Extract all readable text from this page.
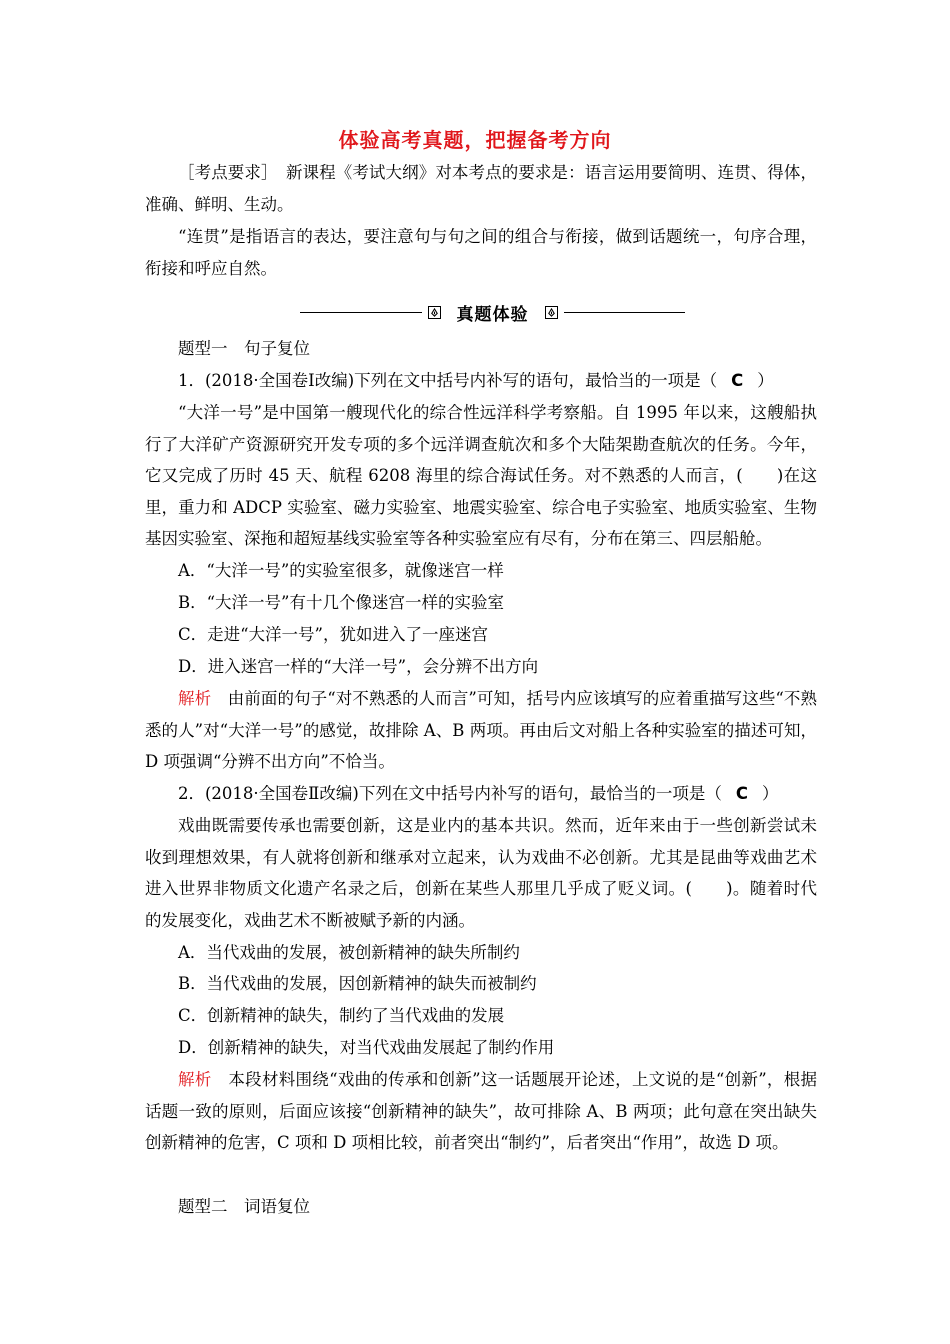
体验高考真题，把握备考方向
［考点要求］　新课程《考试大纲》对本考点的要求是：语言运用要简明、连贯、得体，准确、鲜明、生动。
“连贯”是指语言的表达，要注意句与句之间的组合与衔接，做到话题统一，句序合理，衔接和呼应自然。
真题体验
题型一　句子复位
1．(2018·全国卷Ⅰ改编)下列在文中括号内补写的语句，最恰当的一项是（ C ）
“大洋一号”是中国第一艘现代化的综合性远洋科学考察船。自 1995 年以来，这艘船执行了大洋矿产资源研究开发专项的多个远洋调查航次和多个大陆架勘查航次的任务。今年，它又完成了历时 45 天、航程 6208 海里的综合海试任务。对不熟悉的人而言，(　　)在这里，重力和 ADCP 实验室、磁力实验室、地震实验室、综合电子实验室、地质实验室、生物基因实验室、深拖和超短基线实验室等各种实验室应有尽有，分布在第三、四层船舱。
A．“大洋一号”的实验室很多，就像迷宫一样
B．“大洋一号”有十几个像迷宫一样的实验室
C．走进“大洋一号”，犹如进入了一座迷宫
D．进入迷宫一样的“大洋一号”，会分辨不出方向
解析　由前面的句子“对不熟悉的人而言”可知，括号内应该填写的应着重描写这些“不熟悉的人”对“大洋一号”的感觉，故排除 A、B 两项。再由后文对船上各种实验室的描述可知，D 项强调“分辨不出方向”不恰当。
2．(2018·全国卷Ⅱ改编)下列在文中括号内补写的语句，最恰当的一项是（ C ）
戏曲既需要传承也需要创新，这是业内的基本共识。然而，近年来由于一些创新尝试未收到理想效果，有人就将创新和继承对立起来，认为戏曲不必创新。尤其是昆曲等戏曲艺术进入世界非物质文化遗产名录之后，创新在某些人那里几乎成了贬义词。(　　)。随着时代的发展变化，戏曲艺术不断被赋予新的内涵。
A．当代戏曲的发展，被创新精神的缺失所制约
B．当代戏曲的发展，因创新精神的缺失而被制约
C．创新精神的缺失，制约了当代戏曲的发展
D．创新精神的缺失，对当代戏曲发展起了制约作用
解析　本段材料围绕“戏曲的传承和创新”这一话题展开论述，上文说的是“创新”，根据话题一致的原则，后面应该接“创新精神的缺失”，故可排除 A、B 两项；此句意在突出缺失创新精神的危害，C 项和 D 项相比较，前者突出“制约”，后者突出“作用”，故选 D 项。
题型二　词语复位
